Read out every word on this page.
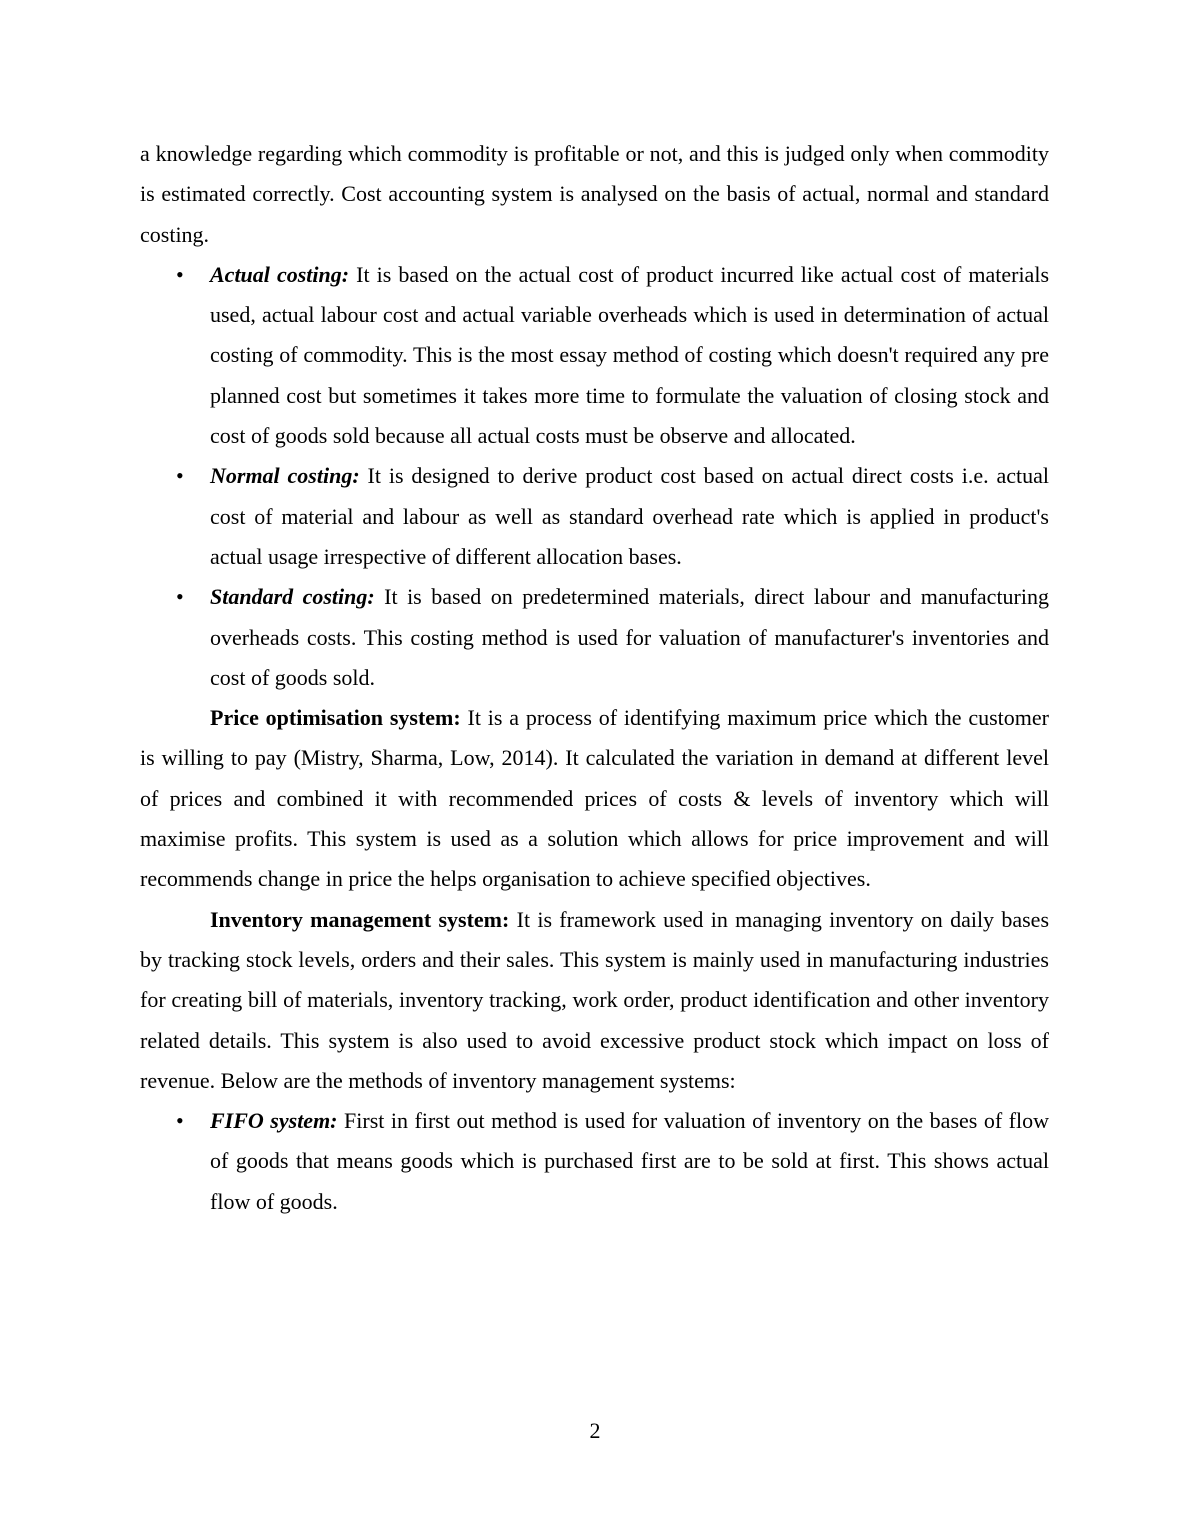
a knowledge regarding which commodity is profitable or not, and this is judged only when commodity is estimated correctly. Cost accounting system is analysed on the basis of actual, normal and standard costing.

• Actual costing: It is based on the actual cost of product incurred like actual cost of materials used, actual labour cost and actual variable overheads which is used in determination of actual costing of commodity. This is the most essay method of costing which doesn't required any pre planned cost but sometimes it takes more time to formulate the valuation of closing stock and cost of goods sold because all actual costs must be observe and allocated.
• Normal costing: It is designed to derive product cost based on actual direct costs i.e. actual cost of material and labour as well as standard overhead rate which is applied in product's actual usage irrespective of different allocation bases.
• Standard costing: It is based on predetermined materials, direct labour and manufacturing overheads costs. This costing method is used for valuation of manufacturer's inventories and cost of goods sold.

Price optimisation system: It is a process of identifying maximum price which the customer is willing to pay (Mistry, Sharma, Low, 2014). It calculated the variation in demand at different level of prices and combined it with recommended prices of costs & levels of inventory which will maximise profits. This system is used as a solution which allows for price improvement and will recommends change in price the helps organisation to achieve specified objectives.

Inventory management system: It is framework used in managing inventory on daily bases by tracking stock levels, orders and their sales. This system is mainly used in manufacturing industries for creating bill of materials, inventory tracking, work order, product identification and other inventory related details. This system is also used to avoid excessive product stock which impact on loss of revenue. Below are the methods of inventory management systems:

• FIFO system: First in first out method is used for valuation of inventory on the bases of flow of goods that means goods which is purchased first are to be sold at first. This shows actual flow of goods.
2
